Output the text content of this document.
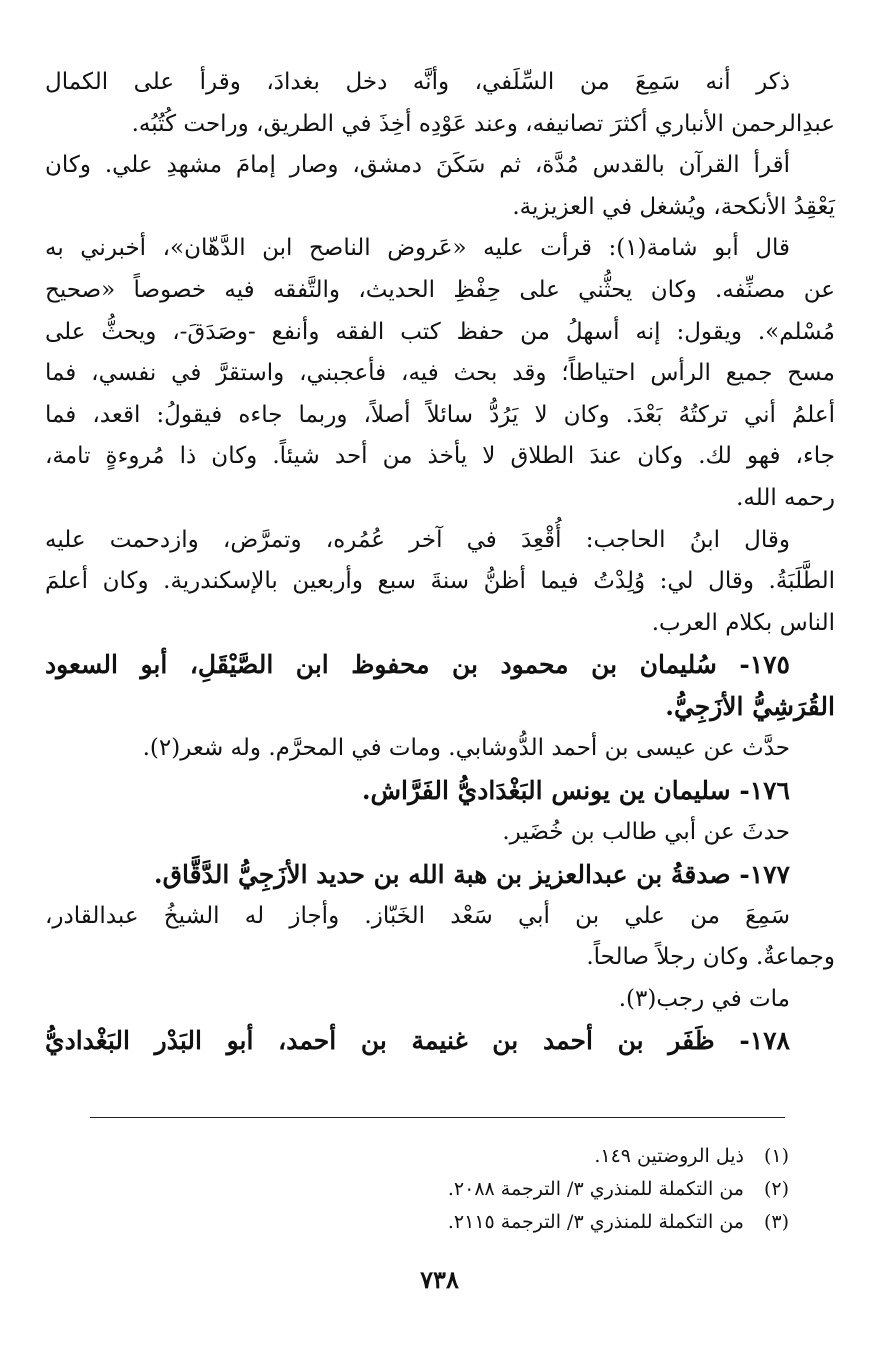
ذكر أنه سَمِعَ من السِّلَفي، وأنَّه دخل بغدادَ، وقرأ على الكمال
عبدِالرحمن الأنباري أكثرَ تصانيفه، وعند عَوْدِه أخِذَ في الطريق، وراحت كُتُبُه.

أقرأ القرآن بالقدس مُدَّة، ثم سَكَنَ دمشق، وصار إمامَ مشهدِ علي. وكان
يَعْقِدُ الأنكحة، ويُشغل في العزيزية.

قال أبو شامة(١): قرأت عليه «عَروض الناصح ابن الدَّهّان»، أخبرني به
عن مصنِّفه. وكان يحثُّني على حِفْظِ الحديث، والتَّفقه فيه خصوصاً «صحيح
مُسْلم». ويقول: إنه أسهلُ من حفظ كتب الفقه وأنفع -وصَدَقَ-، ويحثُّ على
مسح جميع الرأس احتياطاً؛ وقد بحث فيه، فأعجبني، واستقرَّ في نفسي، فما
أعلمُ أني تركتُهُ بَعْدَ. وكان لا يَرُدُّ سائلاً أصلاً، وربما جاءه فيقولُ: اقعد، فما
جاء، فهو لك. وكان عندَ الطلاق لا يأخذ من أحد شيئاً. وكان ذا مُروءةٍ تامة،
رحمه الله.

وقال ابنُ الحاجب: أُقْعِدَ في آخر عُمُره، وتمرَّض، وازدحمت عليه
الطَّلَبَةُ. وقال لي: وُلِدْتُ فيما أظنُّ سنةَ سبع وأربعين بالإسكندرية. وكان أعلمَ
الناس بكلام العرب.

١٧٥- سُليمان بن محمود بن محفوظ ابن الصَّيْقَلِ، أبو السعود
القُرَشِيُّ الأزَجِيُّ.

حدَّث عن عيسى بن أحمد الدُّوشابي. ومات في المحرَّم. وله شعر(٢).

١٧٦- سليمان ين يونس البَغْدَاديُّ الفَرَّاش.

حدثَ عن أبي طالب بن خُضَير.

١٧٧- صدقةُ بن عبدالعزيز بن هبة الله بن حديد الأزَجِيُّ الدَّقَّاق.

سَمِعَ من علي بن أبي سَعْد الخَبّاز. وأجاز له الشيخُ عبدالقادر،
وجماعةٌ. وكان رجلاً صالحاً.

مات في رجب(٣).

١٧٨- ظَفَر بن أحمد بن غنيمة بن أحمد، أبو البَدْر البَغْداديُّ

(١)ذيل الروضتين ١٤٩.
(٢)من التكملة للمنذري ٣/ الترجمة ٢٠٨٨.
(٣)من التكملة للمنذري ٣/ الترجمة ٢١١٥.
٧٣٨
